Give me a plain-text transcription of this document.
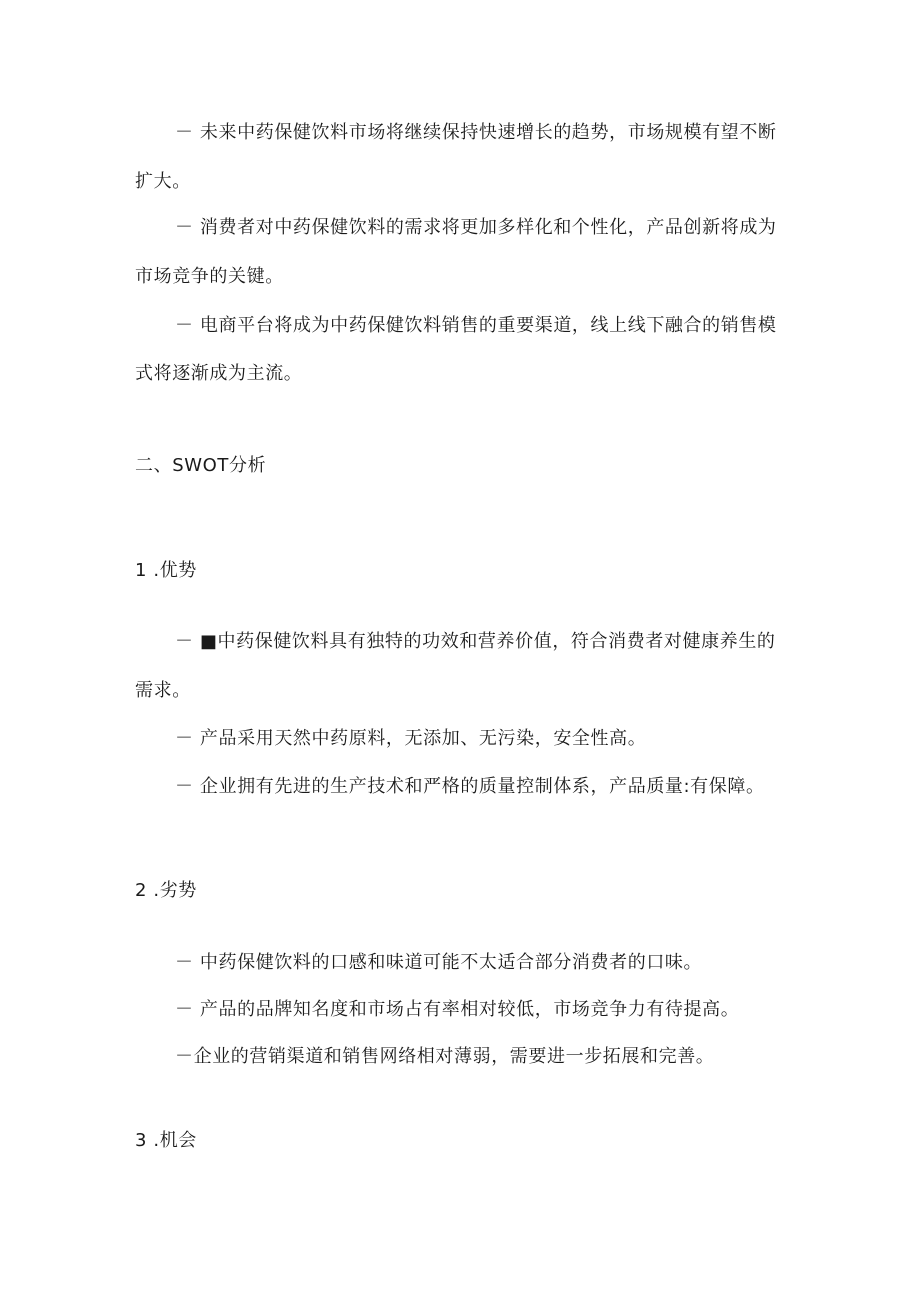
－ 未来中药保健饮料市场将继续保持快速增长的趋势，市场规模有望不断
扩大。
－ 消费者对中药保健饮料的需求将更加多样化和个性化，产品创新将成为
市场竞争的关键。
－ 电商平台将成为中药保健饮料销售的重要渠道，线上线下融合的销售模
式将逐渐成为主流。
二、SWOT分析
1 .优势
－ ■中药保健饮料具有独特的功效和营养价值，符合消费者对健康养生的
需求。
－ 产品采用天然中药原料，无添加、无污染，安全性高。
－ 企业拥有先进的生产技术和严格的质量控制体系，产品质量:有保障。
2 .劣势
－ 中药保健饮料的口感和味道可能不太适合部分消费者的口味。
－ 产品的品牌知名度和市场占有率相对较低，市场竞争力有待提高。
－企业的营销渠道和销售网络相对薄弱，需要进一步拓展和完善。
3 .机会
